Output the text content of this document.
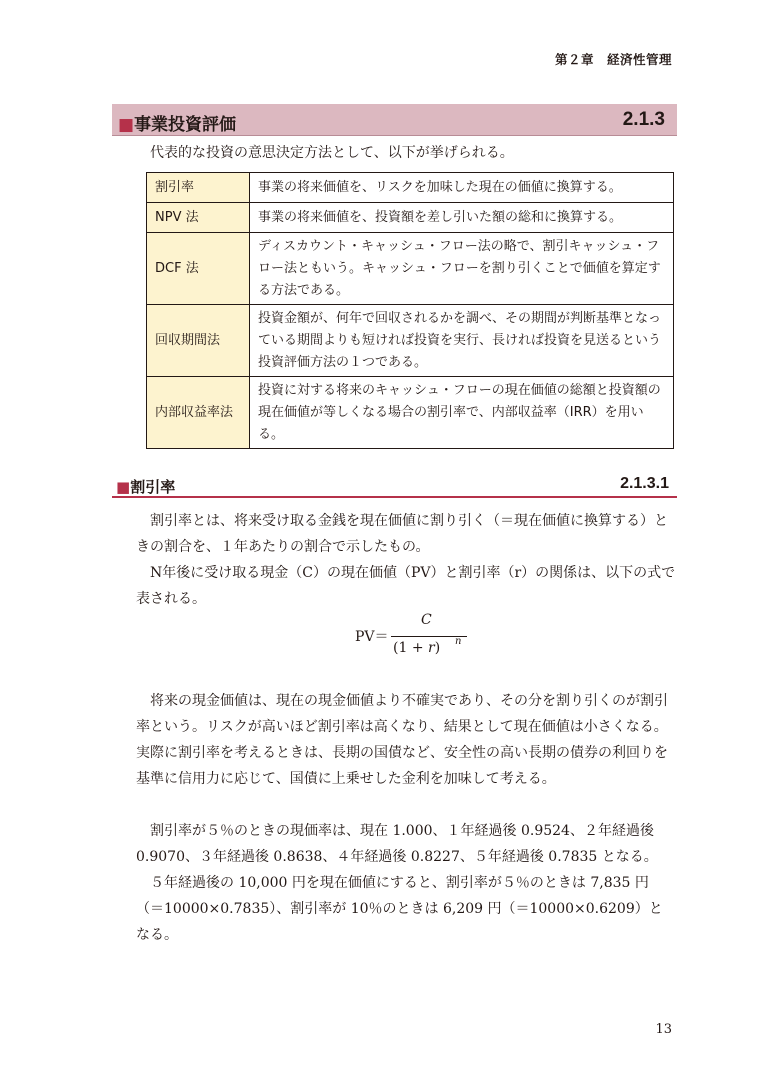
第２章　経済性管理
■事業投資評価	2.1.3
代表的な投資の意思決定方法として、以下が挙げられる。
割引率	事業の将来価値を、リスクを加味した現在の価値に換算する。
NPV 法	事業の将来価値を、投資額を差し引いた額の総和に換算する。
DCF 法	ディスカウント・キャッシュ・フロー法の略で、割引キャッシュ・フロー法ともいう。キャッシュ・フローを割り引くことで価値を算定する方法である。
回収期間法	投資金額が、何年で回収されるかを調べ、その期間が判断基準となっている期間よりも短ければ投資を実行、長ければ投資を見送るという投資評価方法の１つである。
内部収益率法	投資に対する将来のキャッシュ・フローの現在価値の総額と投資額の現在価値が等しくなる場合の割引率で、内部収益率（IRR）を用いる。
■割引率	2.1.3.1

　割引率とは、将来受け取る金銭を現在価値に割り引く（＝現在価値に換算する）ときの割合を、１年あたりの割合で示したもの。

　N年後に受け取る現金（C）の現在価値（PV）と割引率（r）の関係は、以下の式で表される。

PV＝
C
(1 + r) n

　将来の現金価値は、現在の現金価値より不確実であり、その分を割り引くのが割引率という。リスクが高いほど割引率は高くなり、結果として現在価値は小さくなる。実際に割引率を考えるときは、長期の国債など、安全性の高い長期の債券の利回りを基準に信用力に応じて、国債に上乗せした金利を加味して考える。

　割引率が５％のときの現価率は、現在 1.000、１年経過後 0.9524、２年経過後 0.9070、３年経過後 0.8638、４年経過後 0.8227、５年経過後 0.7835 となる。

　５年経過後の 10,000 円を現在価値にすると、割引率が５％のときは 7,835 円（＝10000×0.7835）、割引率が 10％のときは 6,209 円（＝10000×0.6209）となる。

13
